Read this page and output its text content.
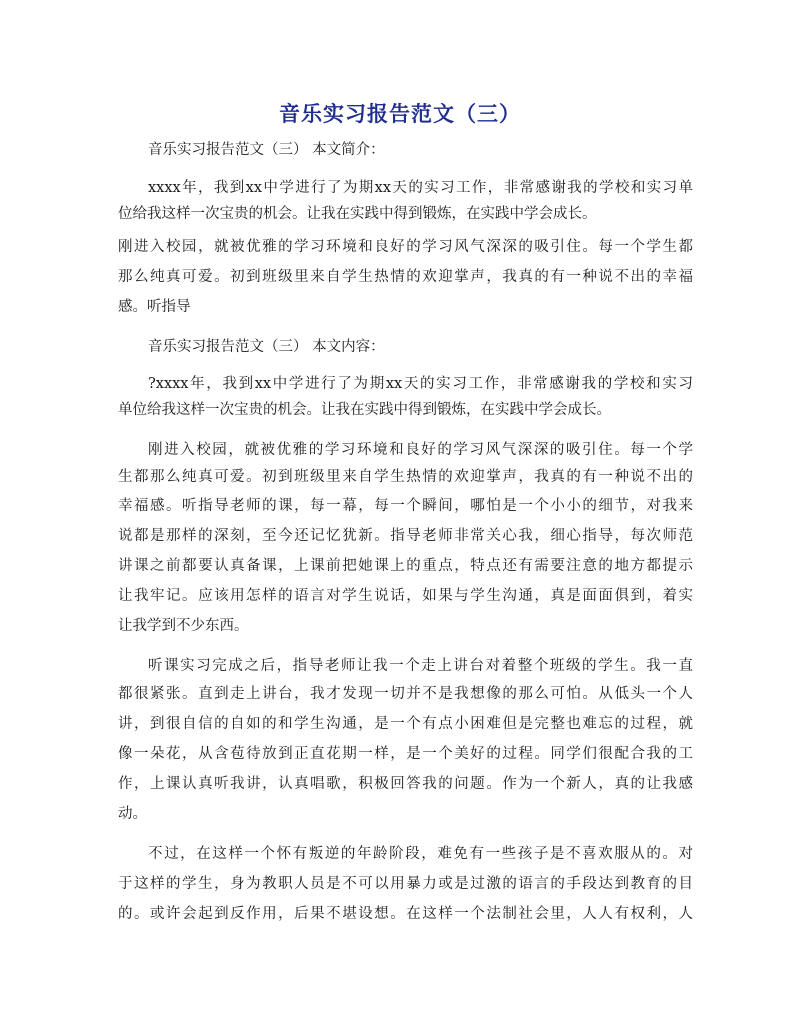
音乐实习报告范文（三）
音乐实习报告范文（三） 本文简介：
xxxx年，我到xx中学进行了为期xx天的实习工作，非常感谢我的学校和实习单
位给我这样一次宝贵的机会。让我在实践中得到锻炼，在实践中学会成长。
刚进入校园，就被优雅的学习环境和良好的学习风气深深的吸引住。每一个学生都
那么纯真可爱。初到班级里来自学生热情的欢迎掌声，我真的有一种说不出的幸福
感。听指导
音乐实习报告范文（三） 本文内容：
?xxxx年，我到xx中学进行了为期xx天的实习工作，非常感谢我的学校和实习
单位给我这样一次宝贵的机会。让我在实践中得到锻炼，在实践中学会成长。
刚进入校园，就被优雅的学习环境和良好的学习风气深深的吸引住。每一个学
生都那么纯真可爱。初到班级里来自学生热情的欢迎掌声，我真的有一种说不出的
幸福感。听指导老师的课，每一幕，每一个瞬间，哪怕是一个小小的细节，对我来
说都是那样的深刻，至今还记忆犹新。指导老师非常关心我，细心指导，每次师范
讲课之前都要认真备课，上课前把她课上的重点，特点还有需要注意的地方都提示
让我牢记。应该用怎样的语言对学生说话，如果与学生沟通，真是面面俱到，着实
让我学到不少东西。
听课实习完成之后，指导老师让我一个走上讲台对着整个班级的学生。我一直
都很紧张。直到走上讲台，我才发现一切并不是我想像的那么可怕。从低头一个人
讲，到很自信的自如的和学生沟通，是一个有点小困难但是完整也难忘的过程，就
像一朵花，从含苞待放到正直花期一样，是一个美好的过程。同学们很配合我的工
作，上课认真听我讲，认真唱歌，积极回答我的问题。作为一个新人，真的让我感
动。
不过，在这样一个怀有叛逆的年龄阶段，难免有一些孩子是不喜欢服从的。对
于这样的学生，身为教职人员是不可以用暴力或是过激的语言的手段达到教育的目
的。或许会起到反作用，后果不堪设想。在这样一个法制社会里，人人有权利，人
